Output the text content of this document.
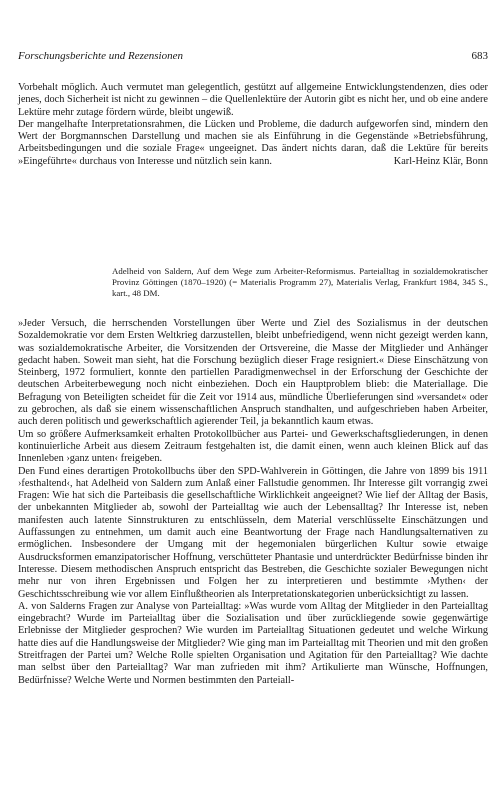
Forschungsberichte und Rezensionen	683

Vorbehalt möglich. Auch vermutet man gelegentlich, gestützt auf allgemeine Entwicklungstendenzen, dies oder jenes, doch Sicherheit ist nicht zu gewinnen – die Quellenlektüre der Autorin gibt es nicht her, und ob eine andere Lektüre mehr zutage fördern würde, bleibt ungewiß.

Der mangelhafte Interpretationsrahmen, die Lücken und Probleme, die dadurch aufgeworfen sind, mindern den Wert der Borgmannschen Darstellung und machen sie als Einführung in die Gegenstände »Betriebsführung, Arbeitsbedingungen und die soziale Frage« ungeeignet. Das ändert nichts daran, daß die Lektüre für bereits »Eingeführte« durchaus von Interesse und nützlich sein kann.	Karl-Heinz Klär, Bonn

Adelheid von Saldern, Auf dem Wege zum Arbeiter-Reformismus. Parteialltag in sozialdemokratischer Provinz Göttingen (1870–1920) (= Materialis Programm 27), Materialis Verlag, Frankfurt 1984, 345 S., kart., 48 DM.

»Jeder Versuch, die herrschenden Vorstellungen über Werte und Ziel des Sozialismus in der deutschen Sozaldemokratie vor dem Ersten Weltkrieg darzustellen, bleibt unbefriedigend, wenn nicht gezeigt werden kann, was sozialdemokratische Arbeiter, die Vorsitzenden der Ortsvereine, die Masse der Mitglieder und Anhänger gedacht haben. Soweit man sieht, hat die Forschung bezüglich dieser Frage resigniert.« Diese Einschätzung von Steinberg, 1972 formuliert, konnte den partiellen Paradigmenwechsel in der Erforschung der Geschichte der deutschen Arbeiterbewegung noch nicht einbeziehen. Doch ein Hauptproblem blieb: die Materiallage. Die Befragung von Beteiligten scheidet für die Zeit vor 1914 aus, mündliche Überlieferungen sind »versandet« oder zu gebrochen, als daß sie einem wissenschaftlichen Anspruch standhalten, und aufgeschrieben haben Arbeiter, auch deren politisch und gewerkschaftlich agierender Teil, ja bekanntlich kaum etwas.

Um so größere Aufmerksamkeit erhalten Protokollbücher aus Partei- und Gewerkschaftsgliederungen, in denen kontinuierliche Arbeit aus diesem Zeitraum festgehalten ist, die damit einen, wenn auch kleinen Blick auf das Innenleben ›ganz unten‹ freigeben.

Den Fund eines derartigen Protokollbuchs über den SPD-Wahlverein in Göttingen, die Jahre von 1899 bis 1911 ›festhaltend‹, hat Adelheid von Saldern zum Anlaß einer Fallstudie genommen. Ihr Interesse gilt vorrangig zwei Fragen: Wie hat sich die Parteibasis die gesellschaftliche Wirklichkeit angeeignet? Wie lief der Alltag der Basis, der unbekannten Mitglieder ab, sowohl der Parteialltag wie auch der Lebensalltag? Ihr Interesse ist, neben manifesten auch latente Sinnstrukturen zu entschlüsseln, dem Material verschlüsselte Einschätzungen und Auffassungen zu entnehmen, um damit auch eine Beantwortung der Frage nach Handlungsalternativen zu ermöglichen. Insbesondere der Umgang mit der hegemonialen bürgerlichen Kultur sowie etwaige Ausdrucksformen emanzipatorischer Hoffnung, verschütteter Phantasie und unterdrückter Bedürfnisse binden ihr Interesse. Diesem methodischen Anspruch entspricht das Bestreben, die Geschichte sozialer Bewegungen nicht mehr nur von ihren Ergebnissen und Folgen her zu interpretieren und bestimmte ›Mythen‹ der Geschichtsschreibung wie vor allem Einflußtheorien als Interpretationskategorien unberücksichtigt zu lassen.

A. von Salderns Fragen zur Analyse von Parteialltag: »Was wurde vom Alltag der Mitglieder in den Parteialltag eingebracht? Wurde im Parteialltag über die Sozialisation und über zurückliegende sowie gegenwärtige Erlebnisse der Mitglieder gesprochen? Wie wurden im Parteialltag Situationen gedeutet und welche Wirkung hatte dies auf die Handlungsweise der Mitglieder? Wie ging man im Parteialltag mit Theorien und mit den großen Streitfragen der Partei um? Welche Rolle spielten Organisation und Agitation für den Parteialltag? Wie dachte man selbst über den Parteialltag? War man zufrieden mit ihm? Artikulierte man Wünsche, Hoffnungen, Bedürfnisse? Welche Werte und Normen bestimmten den Parteiall-
